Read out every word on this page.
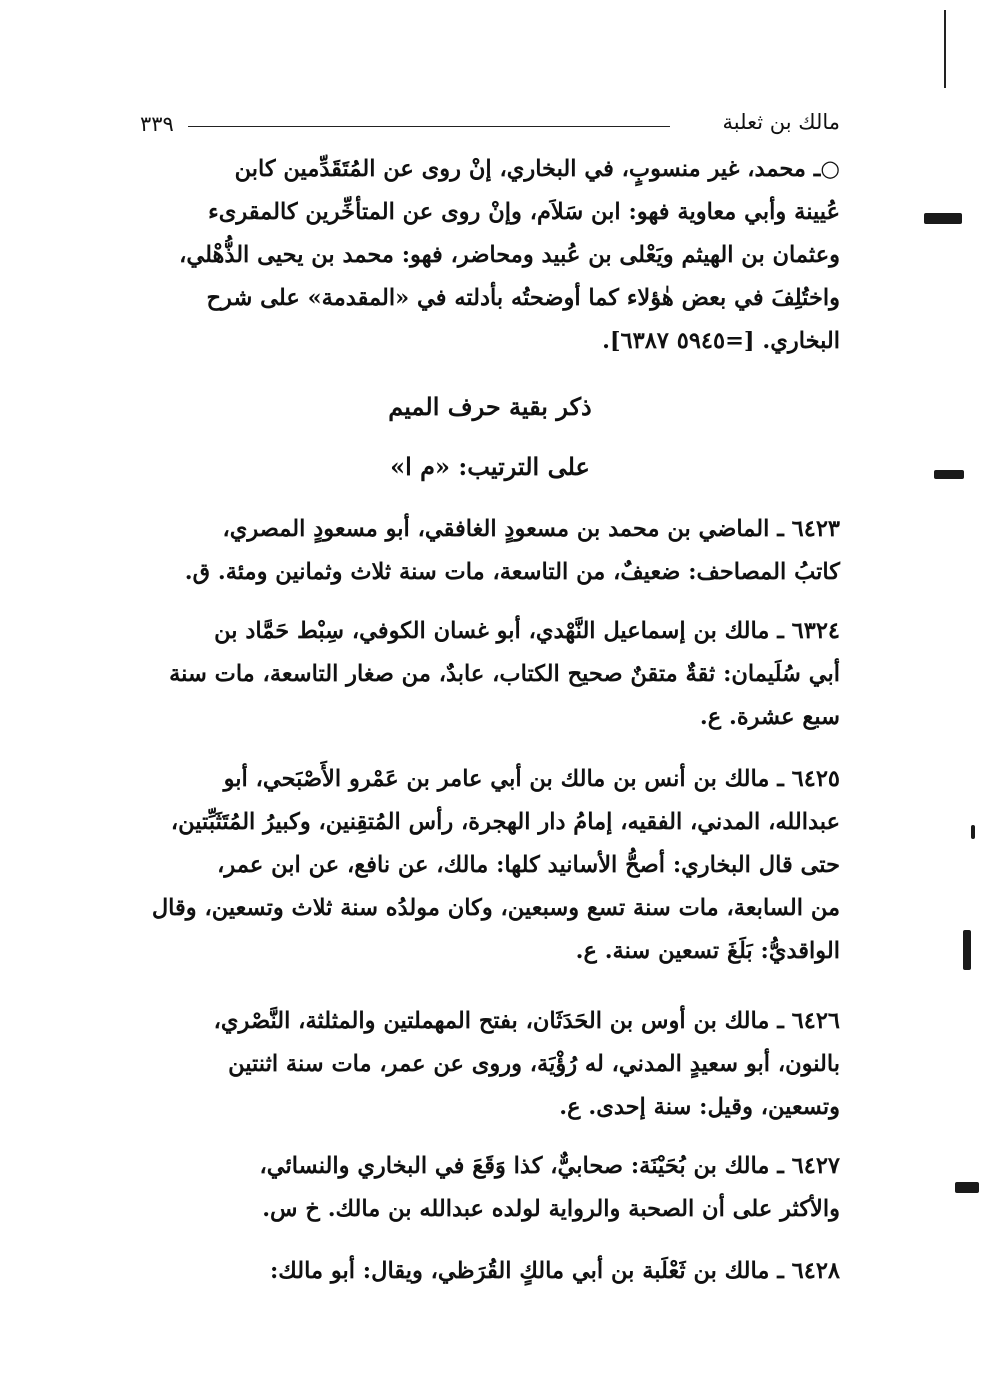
٣٣٩	مالك بن ثعلبة
○ـ محمد، غير منسوبٍ، في البخاري، إنْ روى عن المُتَقَدِّمين كابن
عُيينة وأبي معاوية فهو: ابن سَلاَم، وإنْ روى عن المتأخِّرين كالمقرىء
وعثمان بن الهيثم ويَعْلى بن عُبيد ومحاضر، فهو: محمد بن يحيى الذُّهْلي،
واختُلِفَ في بعض هٰؤلاء كما أوضحتُه بأدلته في «المقدمة» على شرح
البخاري. [=٥٩٤٥ ٦٣٨٧].
ذكر بقية حرف الميم
على الترتيب: «م ا»
٦٤٢٣ ـ الماضي بن محمد بن مسعودٍ الغافقي، أبو مسعودٍ المصري،
كاتبُ المصاحف: ضعيفٌ، من التاسعة، مات سنة ثلاث وثمانين ومئة. ق.
٦٣٢٤ ـ مالك بن إسماعيل النَّهْدي، أبو غسان الكوفي، سِبْط حَمَّاد بن
أبي سُلَيمان: ثقةٌ متقنٌ صحيح الكتاب، عابدٌ، من صغار التاسعة، مات سنة
سبع عشرة. ع.
٦٤٢٥ ـ مالك بن أنس بن مالك بن أبي عامر بن عَمْرو الأَصْبَحي، أبو
عبدالله، المدني، الفقيه، إمامُ دار الهجرة، رأس المُتقِنين، وكبيرُ المُتَثَبِّتين،
حتى قال البخاري: أصحُّ الأسانيد كلها: مالك، عن نافع، عن ابن عمر،
من السابعة، مات سنة تسع وسبعين، وكان مولدُه سنة ثلاث وتسعين، وقال
الواقديُّ: بَلَغَ تسعين سنة. ع.
٦٤٢٦ ـ مالك بن أوس بن الحَدَثَان، بفتح المهملتين والمثلثة، النَّصْري،
بالنون، أبو سعيدٍ المدني، له رُؤْيَة، وروى عن عمر، مات سنة اثنتين
وتسعين، وقيل: سنة إحدى. ع.
٦٤٢٧ ـ مالك بن بُحَيْنَة: صحابيٌّ، كذا وَقَعَ في البخاري والنسائي،
والأكثر على أن الصحبة والرواية لولده عبدالله بن مالك. خ س.
٦٤٢٨ ـ مالك بن ثَعْلَبة بن أبي مالكٍ القُرَظي، ويقال: أبو مالك:
